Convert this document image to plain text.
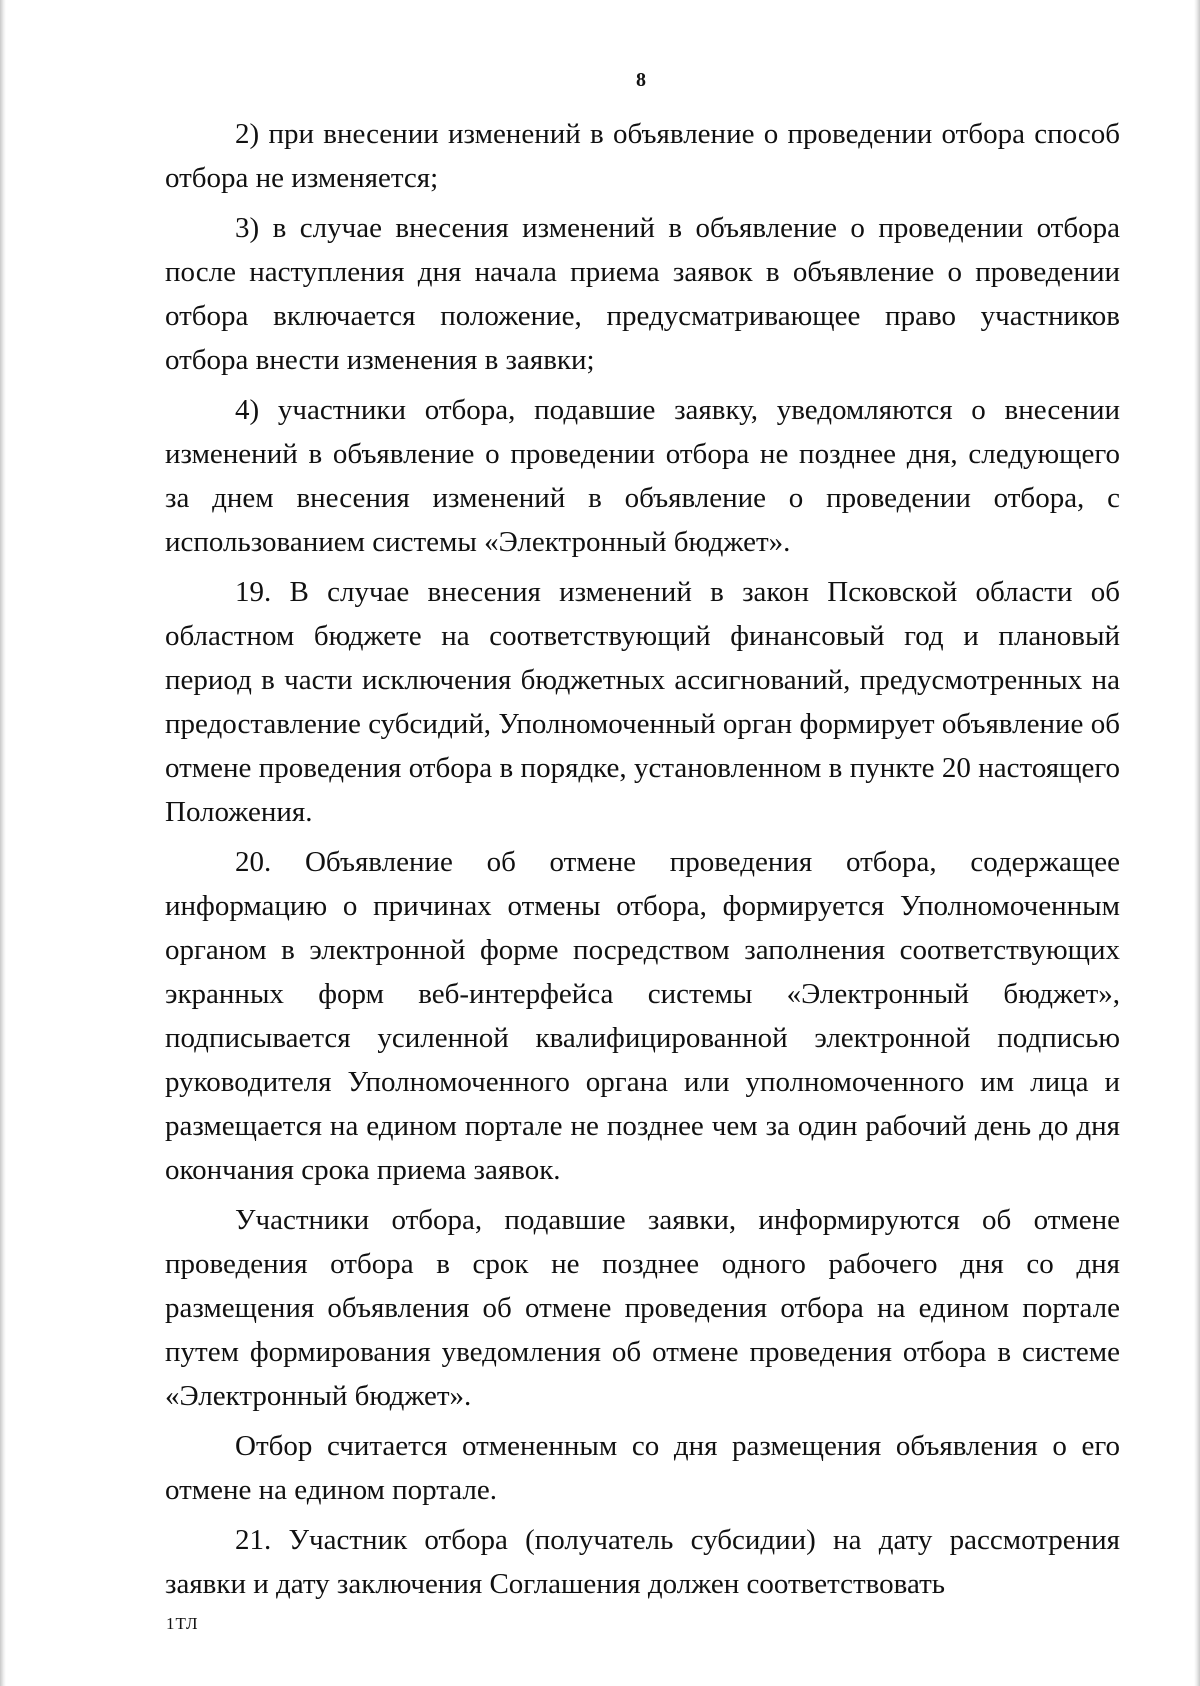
8

2) при внесении изменений в объявление о проведении отбора способ отбора не изменяется;

3) в случае внесения изменений в объявление о проведении отбора после наступления дня начала приема заявок в объявление о проведении отбора включается положение, предусматривающее право участников отбора внести изменения в заявки;

4) участники отбора, подавшие заявку, уведомляются о внесении изменений в объявление о проведении отбора не позднее дня, следующего за днем внесения изменений в объявление о проведении отбора, с использованием системы «Электронный бюджет».

19. В случае внесения изменений в закон Псковской области об областном бюджете на соответствующий финансовый год и плановый период в части исключения бюджетных ассигнований, предусмотренных на предоставление субсидий, Уполномоченный орган формирует объявление об отмене проведения отбора в порядке, установленном в пункте 20 настоящего Положения.

20. Объявление об отмене проведения отбора, содержащее информацию о причинах отмены отбора, формируется Уполномоченным органом в электронной форме посредством заполнения соответствующих экранных форм веб-интерфейса системы «Электронный бюджет», подписывается усиленной квалифицированной электронной подписью руководителя Уполномоченного органа или уполномоченного им лица и размещается на едином портале не позднее чем за один рабочий день до дня окончания срока приема заявок.

Участники отбора, подавшие заявки, информируются об отмене проведения отбора в срок не позднее одного рабочего дня со дня размещения объявления об отмене проведения отбора на едином портале путем формирования уведомления об отмене проведения отбора в системе «Электронный бюджет».

Отбор считается отмененным со дня размещения объявления о его отмене на едином портале.

21. Участник отбора (получатель субсидии) на дату рассмотрения заявки и дату заключения Соглашения должен соответствовать

1ТЛ
